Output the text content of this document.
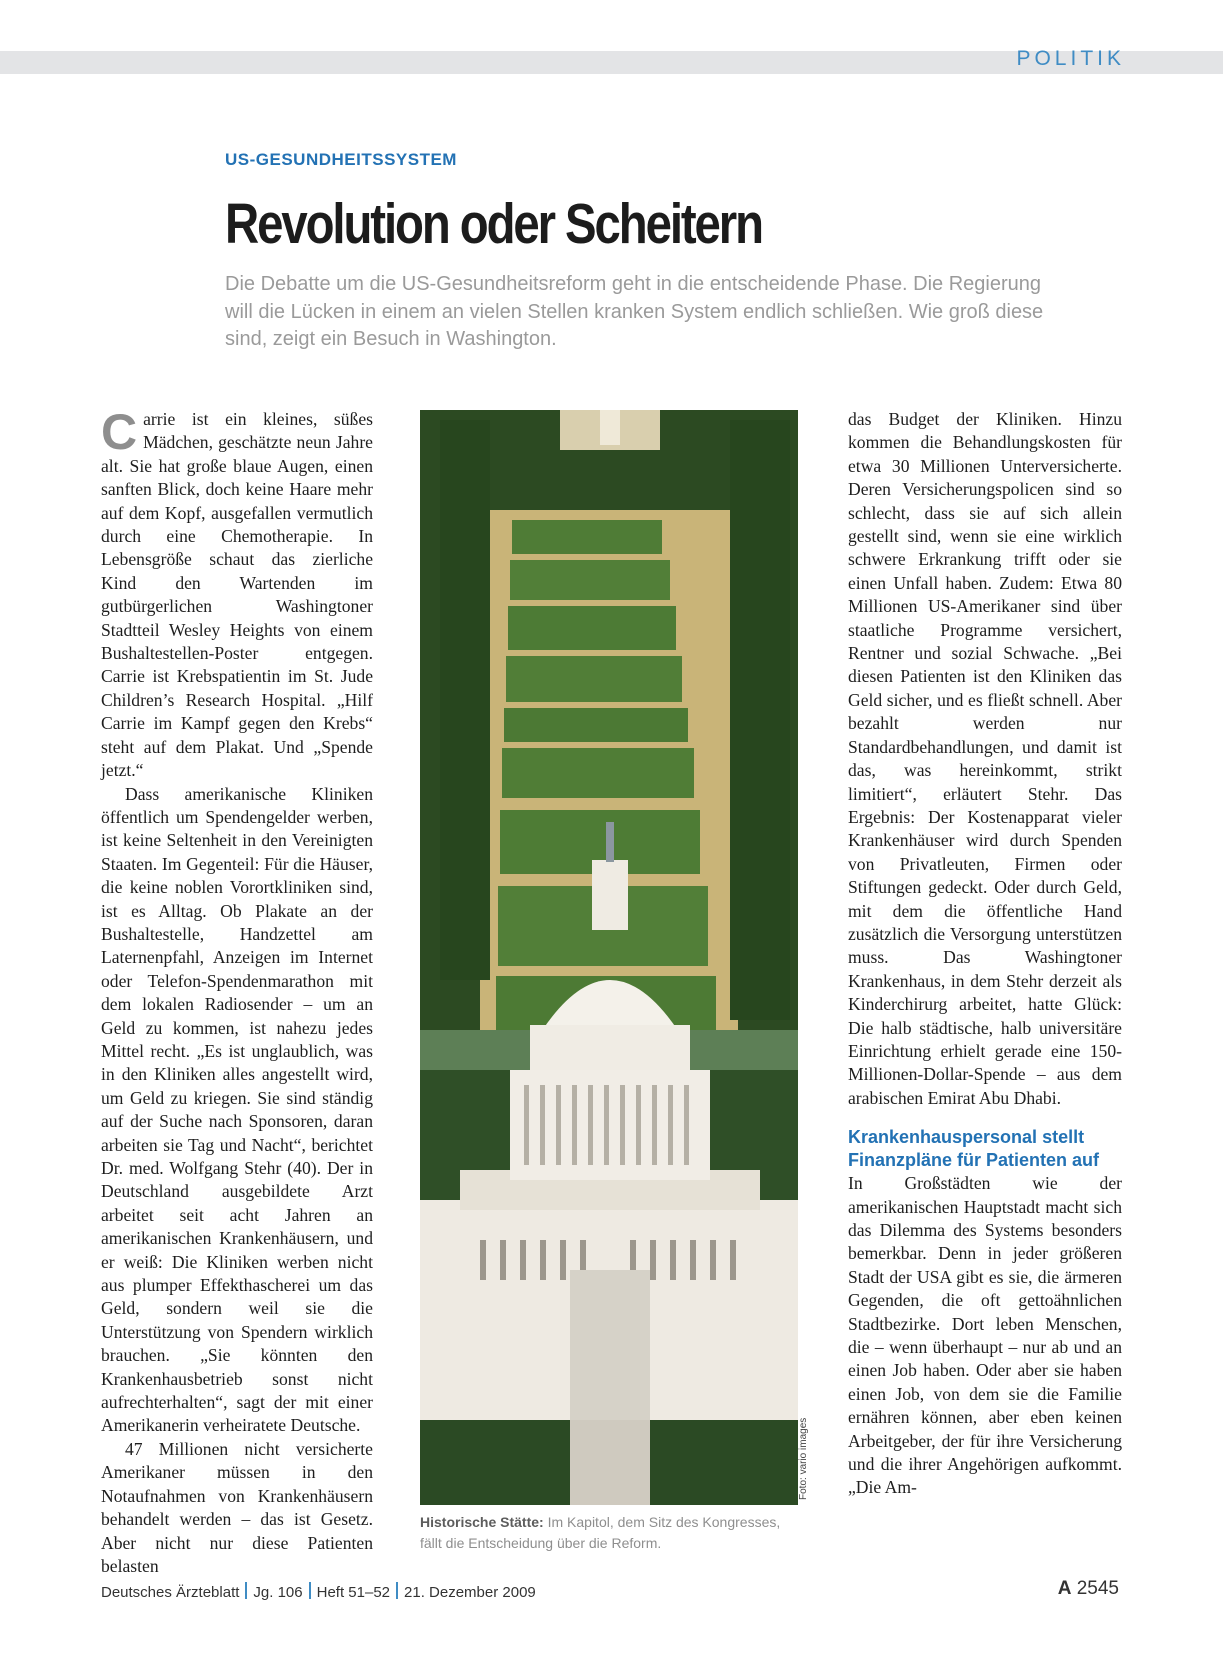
POLITIK
US-GESUNDHEITSSYSTEM
Revolution oder Scheitern
Die Debatte um die US-Gesundheitsreform geht in die entscheidende Phase. Die Regierung will die Lücken in einem an vielen Stellen kranken System endlich schließen. Wie groß diese sind, zeigt ein Besuch in Washington.

Carrie ist ein kleines, süßes Mädchen, geschätzte neun Jahre alt. Sie hat große blaue Augen, einen sanften Blick, doch keine Haare mehr auf dem Kopf, ausgefallen vermutlich durch eine Chemotherapie. In Lebensgröße schaut das zierliche Kind den Wartenden im gutbürgerlichen Washingtoner Stadtteil Wesley Heights von einem Bushaltestellen-Poster entgegen. Carrie ist Krebspatientin im St. Jude Children’s Research Hospital. „Hilf Carrie im Kampf gegen den Krebs“ steht auf dem Plakat. Und „Spende jetzt.“

Dass amerikanische Kliniken öffentlich um Spendengelder werben, ist keine Seltenheit in den Vereinigten Staaten. Im Gegenteil: Für die Häuser, die keine noblen Vorortkliniken sind, ist es Alltag. Ob Plakate an der Bushaltestelle, Handzettel am Laternenpfahl, Anzeigen im Internet oder Telefon-Spendenmarathon mit dem lokalen Radiosender – um an Geld zu kommen, ist nahezu jedes Mittel recht. „Es ist unglaublich, was in den Kliniken alles angestellt wird, um Geld zu kriegen. Sie sind ständig auf der Suche nach Sponsoren, daran arbeiten sie Tag und Nacht“, berichtet Dr. med. Wolfgang Stehr (40). Der in Deutschland ausgebildete Arzt arbeitet seit acht Jahren an amerikanischen Krankenhäusern, und er weiß: Die Kliniken werben nicht aus plumper Effekthascherei um das Geld, sondern weil sie die Unterstützung von Spendern wirklich brauchen. „Sie könnten den Krankenhausbetrieb sonst nicht aufrechterhalten“, sagt der mit einer Amerikanerin verheiratete Deutsche.

47 Millionen nicht versicherte Amerikaner müssen in den Notaufnahmen von Krankenhäusern behandelt werden – das ist Gesetz. Aber nicht nur diese Patienten belasten

Foto: vario images
Historische Stätte: Im Kapitol, dem Sitz des Kongresses, fällt die Entscheidung über die Reform.

das Budget der Kliniken. Hinzu kommen die Behandlungskosten für etwa 30 Millionen Unterversicherte. Deren Versicherungspolicen sind so schlecht, dass sie auf sich allein gestellt sind, wenn sie eine wirklich schwere Erkrankung trifft oder sie einen Unfall haben. Zudem: Etwa 80 Millionen US-Amerikaner sind über staatliche Programme versichert, Rentner und sozial Schwache. „Bei diesen Patienten ist den Kliniken das Geld sicher, und es fließt schnell. Aber bezahlt werden nur Standardbehandlungen, und damit ist das, was hereinkommt, strikt limitiert“, erläutert Stehr. Das Ergebnis: Der Kostenapparat vieler Krankenhäuser wird durch Spenden von Privatleuten, Firmen oder Stiftungen gedeckt. Oder durch Geld, mit dem die öffentliche Hand zusätzlich die Versorgung unterstützen muss. Das Washingtoner Krankenhaus, in dem Stehr derzeit als Kinderchirurg arbeitet, hatte Glück: Die halb städtische, halb universitäre Einrichtung erhielt gerade eine 150-Millionen-Dollar-Spende – aus dem arabischen Emirat Abu Dhabi.

Krankenhauspersonal stellt Finanzpläne für Patienten auf

In Großstädten wie der amerikanischen Hauptstadt macht sich das Dilemma des Systems besonders bemerkbar. Denn in jeder größeren Stadt der USA gibt es sie, die ärmeren Gegenden, die oft gettoähnlichen Stadtbezirke. Dort leben Menschen, die – wenn überhaupt – nur ab und an einen Job haben. Oder aber sie haben einen Job, von dem sie die Familie ernähren können, aber eben keinen Arbeitgeber, der für ihre Versicherung und die ihrer Angehörigen aufkommt. „Die Am-

Deutsches Ärzteblatt Jg. 106 Heft 51–52 21. Dezember 2009	A 2545
